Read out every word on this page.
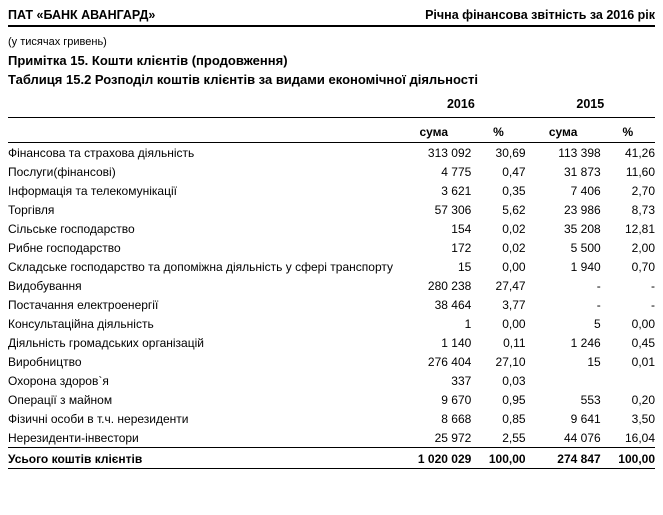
ПАТ «БАНК АВАНГАРД»	Річна фінансова звітність за 2016 рік
(у тисячах гривень)
Примітка 15. Кошти клієнтів (продовження)
Таблиця 15.2 Розподіл коштів клієнтів за видами економічної діяльності
	2016		2015	

	сума	%	сума	%

Фінансова та страхова діяльність	313 092	30,69	113 398	41,26
Послуги(фінансові)	4 775	0,47	31 873	11,60
Інформація та телекомунікації	3 621	0,35	7 406	2,70
Торгівля	57 306	5,62	23 986	8,73
Сільське господарство	154	0,02	35 208	12,81
Рибне господарство	172	0,02	5 500	2,00
Складське господарство та допоміжна діяльність у сфері транспорту	15	0,00	1 940	0,70
Видобування	280 238	27,47	-	-
Постачання електроенергії	38 464	3,77	-	-
Консультаційна діяльність	1	0,00	5	0,00
Діяльність громадських організацій	1 140	0,11	1 246	0,45
Виробництво	276 404	27,10	15	0,01
Охорона здоров`я	337	0,03		
Операції з майном	9 670	0,95	553	0,20
Фізичні особи в т.ч. нерезиденти	8 668	0,85	9 641	3,50
Нерезиденти-інвестори	25 972	2,55	44 076	16,04
Усього коштів клієнтів	1 020 029	100,00	274 847	100,00
